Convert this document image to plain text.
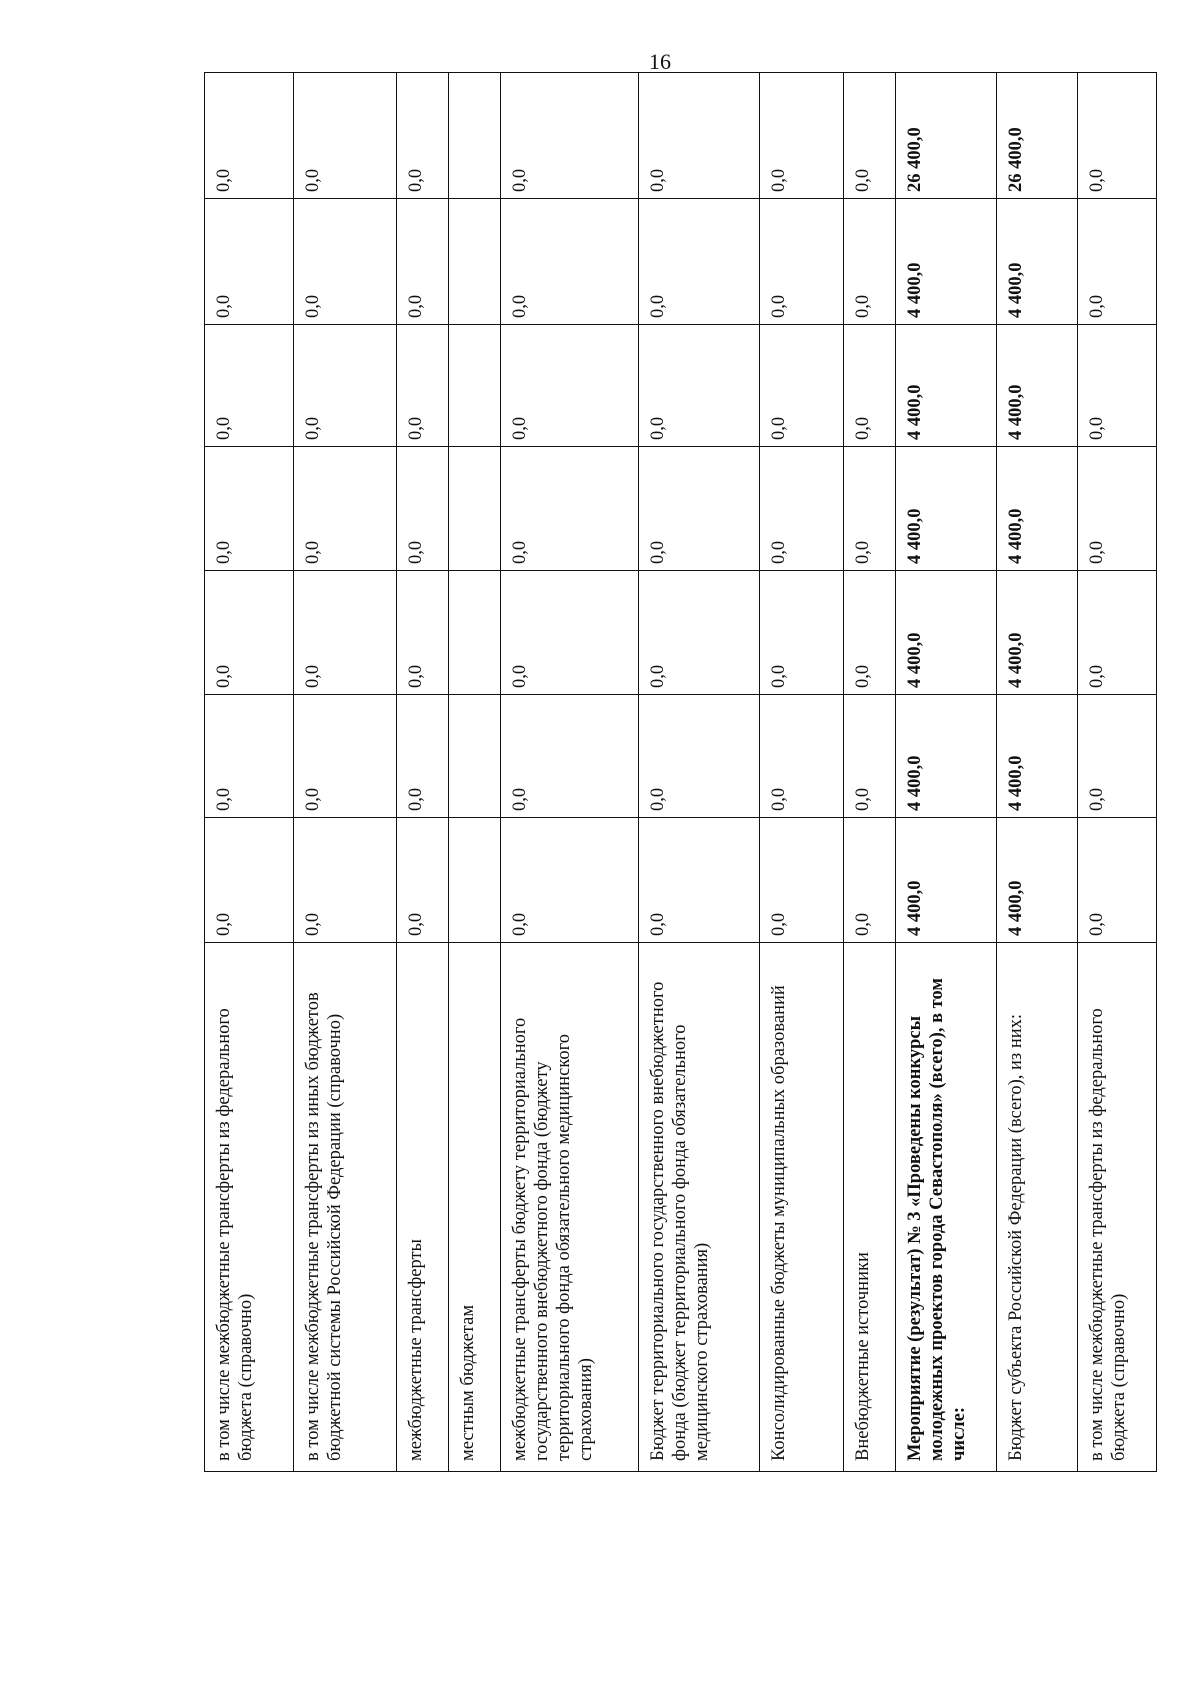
16
в том числе межбюджетные трансферты из федерального бюджета (справочно)	0,0	0,0	0,0	0,0	0,0	0,0	0,0
в том числе межбюджетные трансферты из иных бюджетов бюджетной системы Российской Федерации (справочно)	0,0	0,0	0,0	0,0	0,0	0,0	0,0
межбюджетные трансферты	0,0	0,0	0,0	0,0	0,0	0,0	0,0
местным бюджетам							
межбюджетные трансферты бюджету территориального государственного внебюджетного фонда (бюджету территориального фонда обязательного медицинского страхования)	0,0	0,0	0,0	0,0	0,0	0,0	0,0
Бюджет территориального государственного внебюджетного фонда (бюджет территориального фонда обязательного медицинского страхования)	0,0	0,0	0,0	0,0	0,0	0,0	0,0
Консолидированные бюджеты муниципальных образований	0,0	0,0	0,0	0,0	0,0	0,0	0,0
Внебюджетные источники	0,0	0,0	0,0	0,0	0,0	0,0	0,0
Мероприятие (результат) № 3 «Проведены конкурсы молодежных проектов города Севастополя» (всего), в том числе:	4 400,0	4 400,0	4 400,0	4 400,0	4 400,0	4 400,0	26 400,0
Бюджет субъекта Российской Федерации (всего), из них:	4 400,0	4 400,0	4 400,0	4 400,0	4 400,0	4 400,0	26 400,0
в том числе межбюджетные трансферты из федерального бюджета (справочно)	0,0	0,0	0,0	0,0	0,0	0,0	0,0
